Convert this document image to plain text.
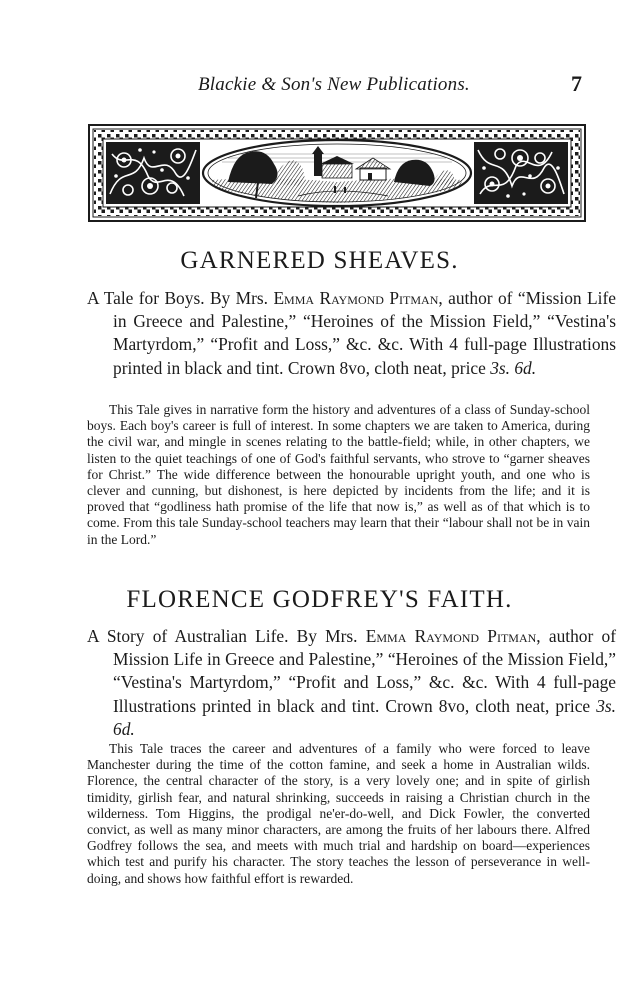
Blackie & Son's New Publications.	7
GARNERED SHEAVES.
A Tale for Boys. By Mrs. Emma Raymond Pitman, author of “Mission Life in Greece and Palestine,” “Heroines of the Mission Field,” “Vestina's Martyrdom,” “Profit and Loss,” &c. &c. With 4 full-page Illustrations printed in black and tint. Crown 8vo, cloth neat, price 3s. 6d.
This Tale gives in narrative form the history and adventures of a class of Sunday-school boys. Each boy's career is full of interest. In some chapters we are taken to America, during the civil war, and mingle in scenes relating to the battle-field; while, in other chapters, we listen to the quiet teachings of one of God's faithful servants, who strove to “garner sheaves for Christ.” The wide difference between the honourable upright youth, and one who is clever and cunning, but dishonest, is here depicted by incidents from the life; and it is proved that “godliness hath promise of the life that now is,” as well as of that which is to come. From this tale Sunday-school teachers may learn that their “labour shall not be in vain in the Lord.”
FLORENCE GODFREY'S FAITH.
A Story of Australian Life. By Mrs. Emma Raymond Pitman, author of Mission Life in Greece and Palestine,” “Heroines of the Mission Field,” “Vestina's Martyrdom,” “Profit and Loss,” &c. &c. With 4 full-page Illustrations printed in black and tint. Crown 8vo, cloth neat, price 3s. 6d.
This Tale traces the career and adventures of a family who were forced to leave Manchester during the time of the cotton famine, and seek a home in Australian wilds. Florence, the central character of the story, is a very lovely one; and in spite of girlish timidity, girlish fear, and natural shrinking, succeeds in raising a Christian church in the wilderness. Tom Higgins, the prodigal ne'er-do-well, and Dick Fowler, the converted convict, as well as many minor characters, are among the fruits of her labours there. Alfred Godfrey follows the sea, and meets with much trial and hardship on board—experiences which test and purify his character. The story teaches the lesson of perseverance in well-doing, and shows how faithful effort is rewarded.
